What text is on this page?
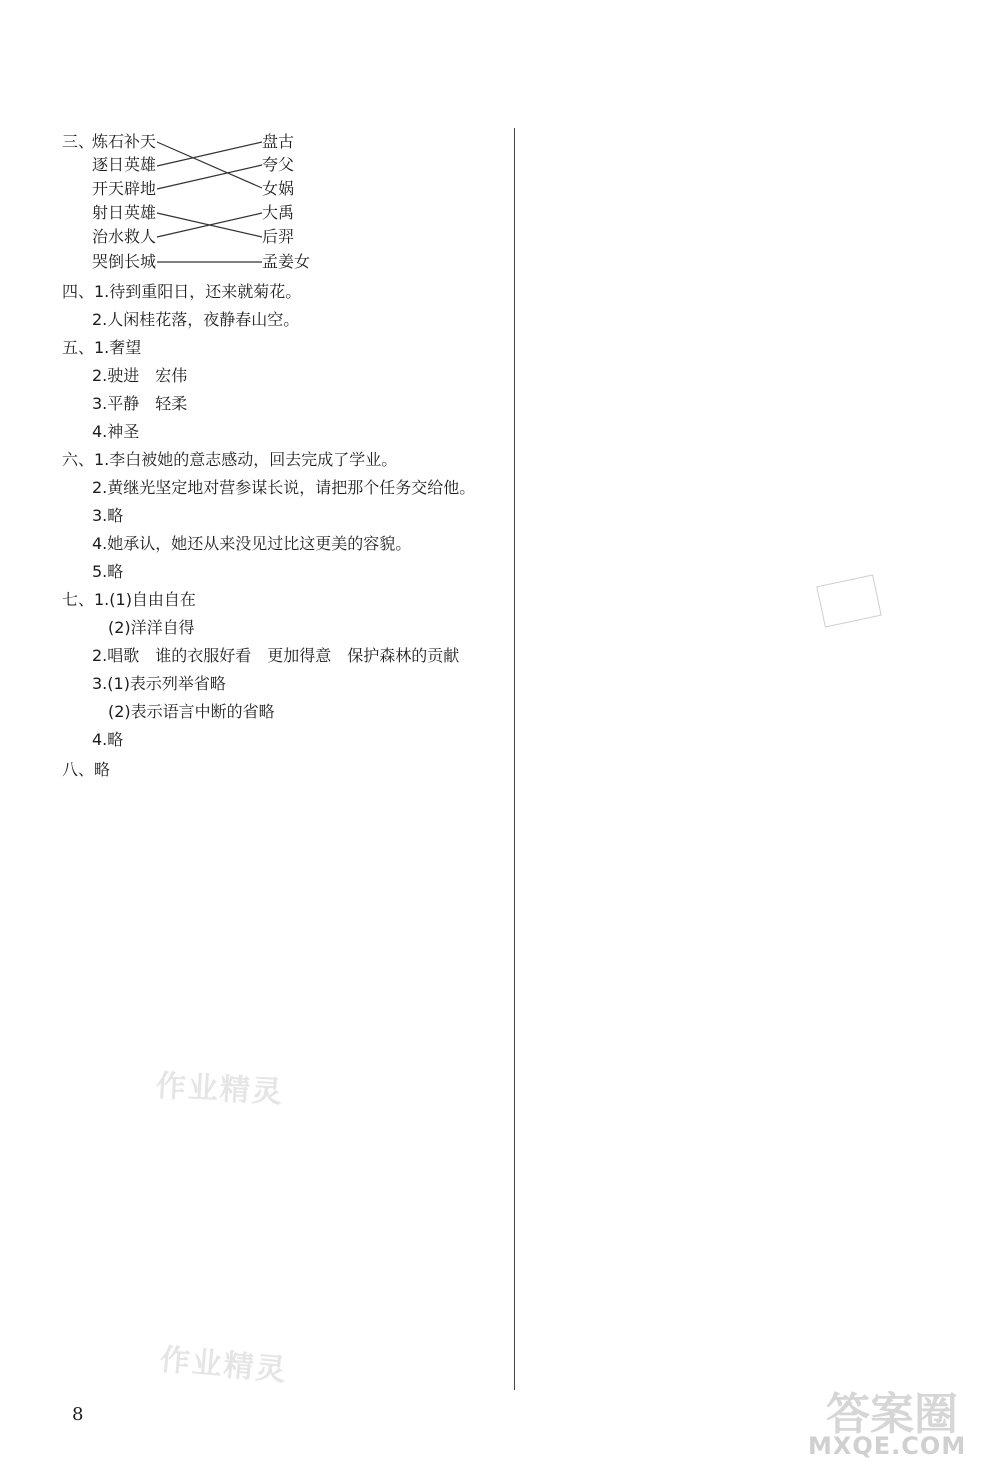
三、
炼石补天
逐日英雄
开天辟地
射日英雄
治水救人
哭倒长城
盘古
夸父
女娲
大禹
后羿
孟姜女
四、1.待到重阳日，还来就菊花。
2.人闲桂花落，夜静春山空。
五、1.奢望
2.驶进　宏伟
3.平静　轻柔
4.神圣
六、1.李白被她的意志感动，回去完成了学业。
2.黄继光坚定地对营参谋长说，请把那个任务交给他。
3.略
4.她承认，她还从来没见过比这更美的容貌。
5.略
七、1.(1)自由自在
(2)洋洋自得
2.唱歌　谁的衣服好看　更加得意　保护森林的贡献
3.(1)表示列举省略
(2)表示语言中断的省略
4.略
八、略
作业精灵
作业精灵
答案圈
MXQE.COM
8
